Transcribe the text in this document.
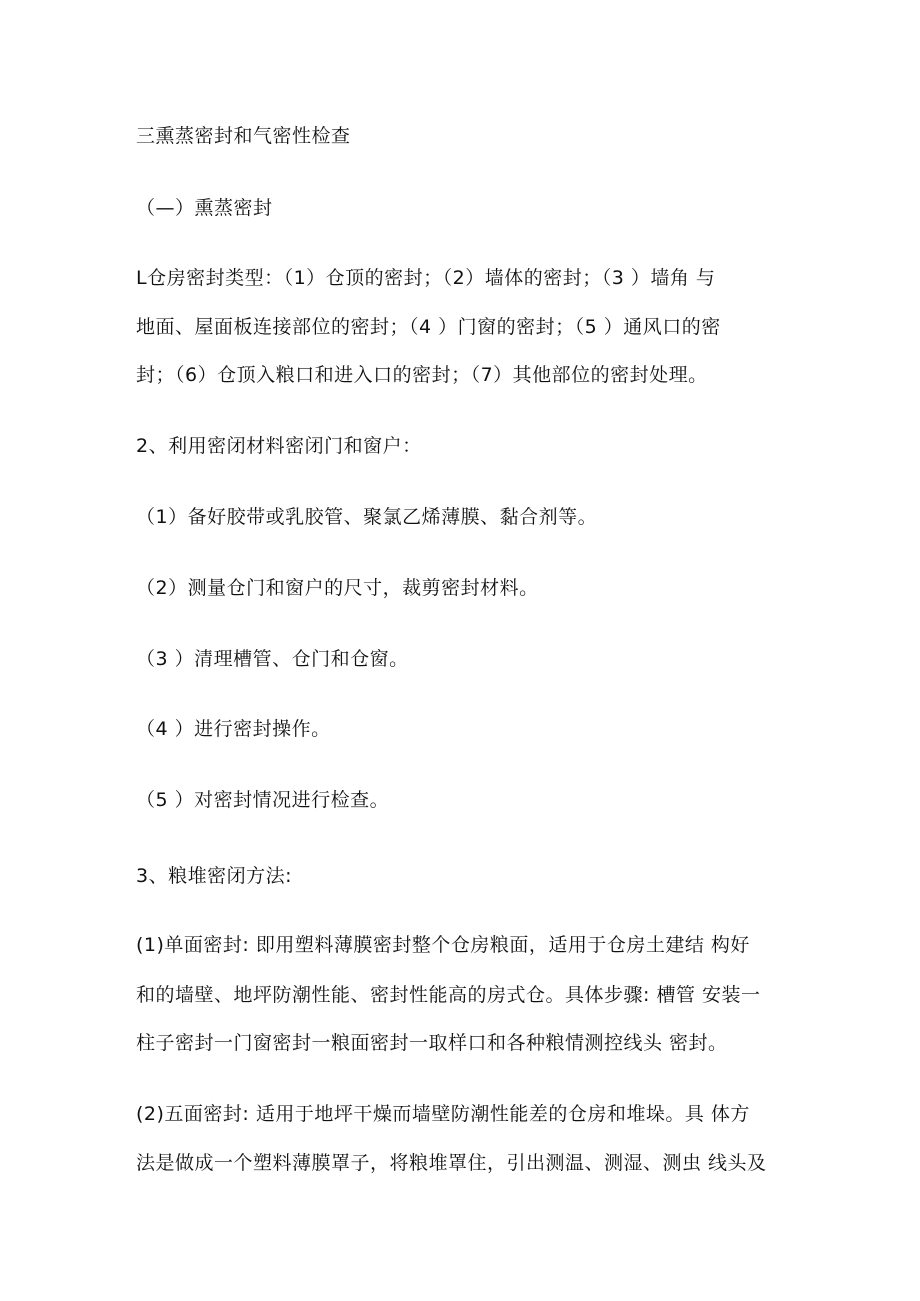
三熏蒸密封和气密性检查
（—）熏蒸密封
L仓房密封类型：（1）仓顶的密封；（2）墙体的密封；（3 ）墙角 与
地面、屋面板连接部位的密封；（4 ）门窗的密封；（5 ）通风口的密
封；（6）仓顶入粮口和进入口的密封；（7）其他部位的密封处理。
2、利用密闭材料密闭门和窗户：
（1）备好胶带或乳胶管、聚氯乙烯薄膜、黏合剂等。
（2）测量仓门和窗户的尺寸，裁剪密封材料。
（3 ）清理槽管、仓门和仓窗。
（4 ）进行密封操作。
（5 ）对密封情况进行检查。
3、粮堆密闭方法:
(1)单面密封: 即用塑料薄膜密封整个仓房粮面，适用于仓房土建结 构好
和的墙壁、地坪防潮性能、密封性能高的房式仓。具体步骤: 槽管 安装一
柱子密封一门窗密封一粮面密封一取样口和各种粮情测控线头 密封。
(2)五面密封: 适用于地坪干燥而墙壁防潮性能差的仓房和堆垛。具 体方
法是做成一个塑料薄膜罩子，将粮堆罩住，引出测温、测湿、测虫 线头及
